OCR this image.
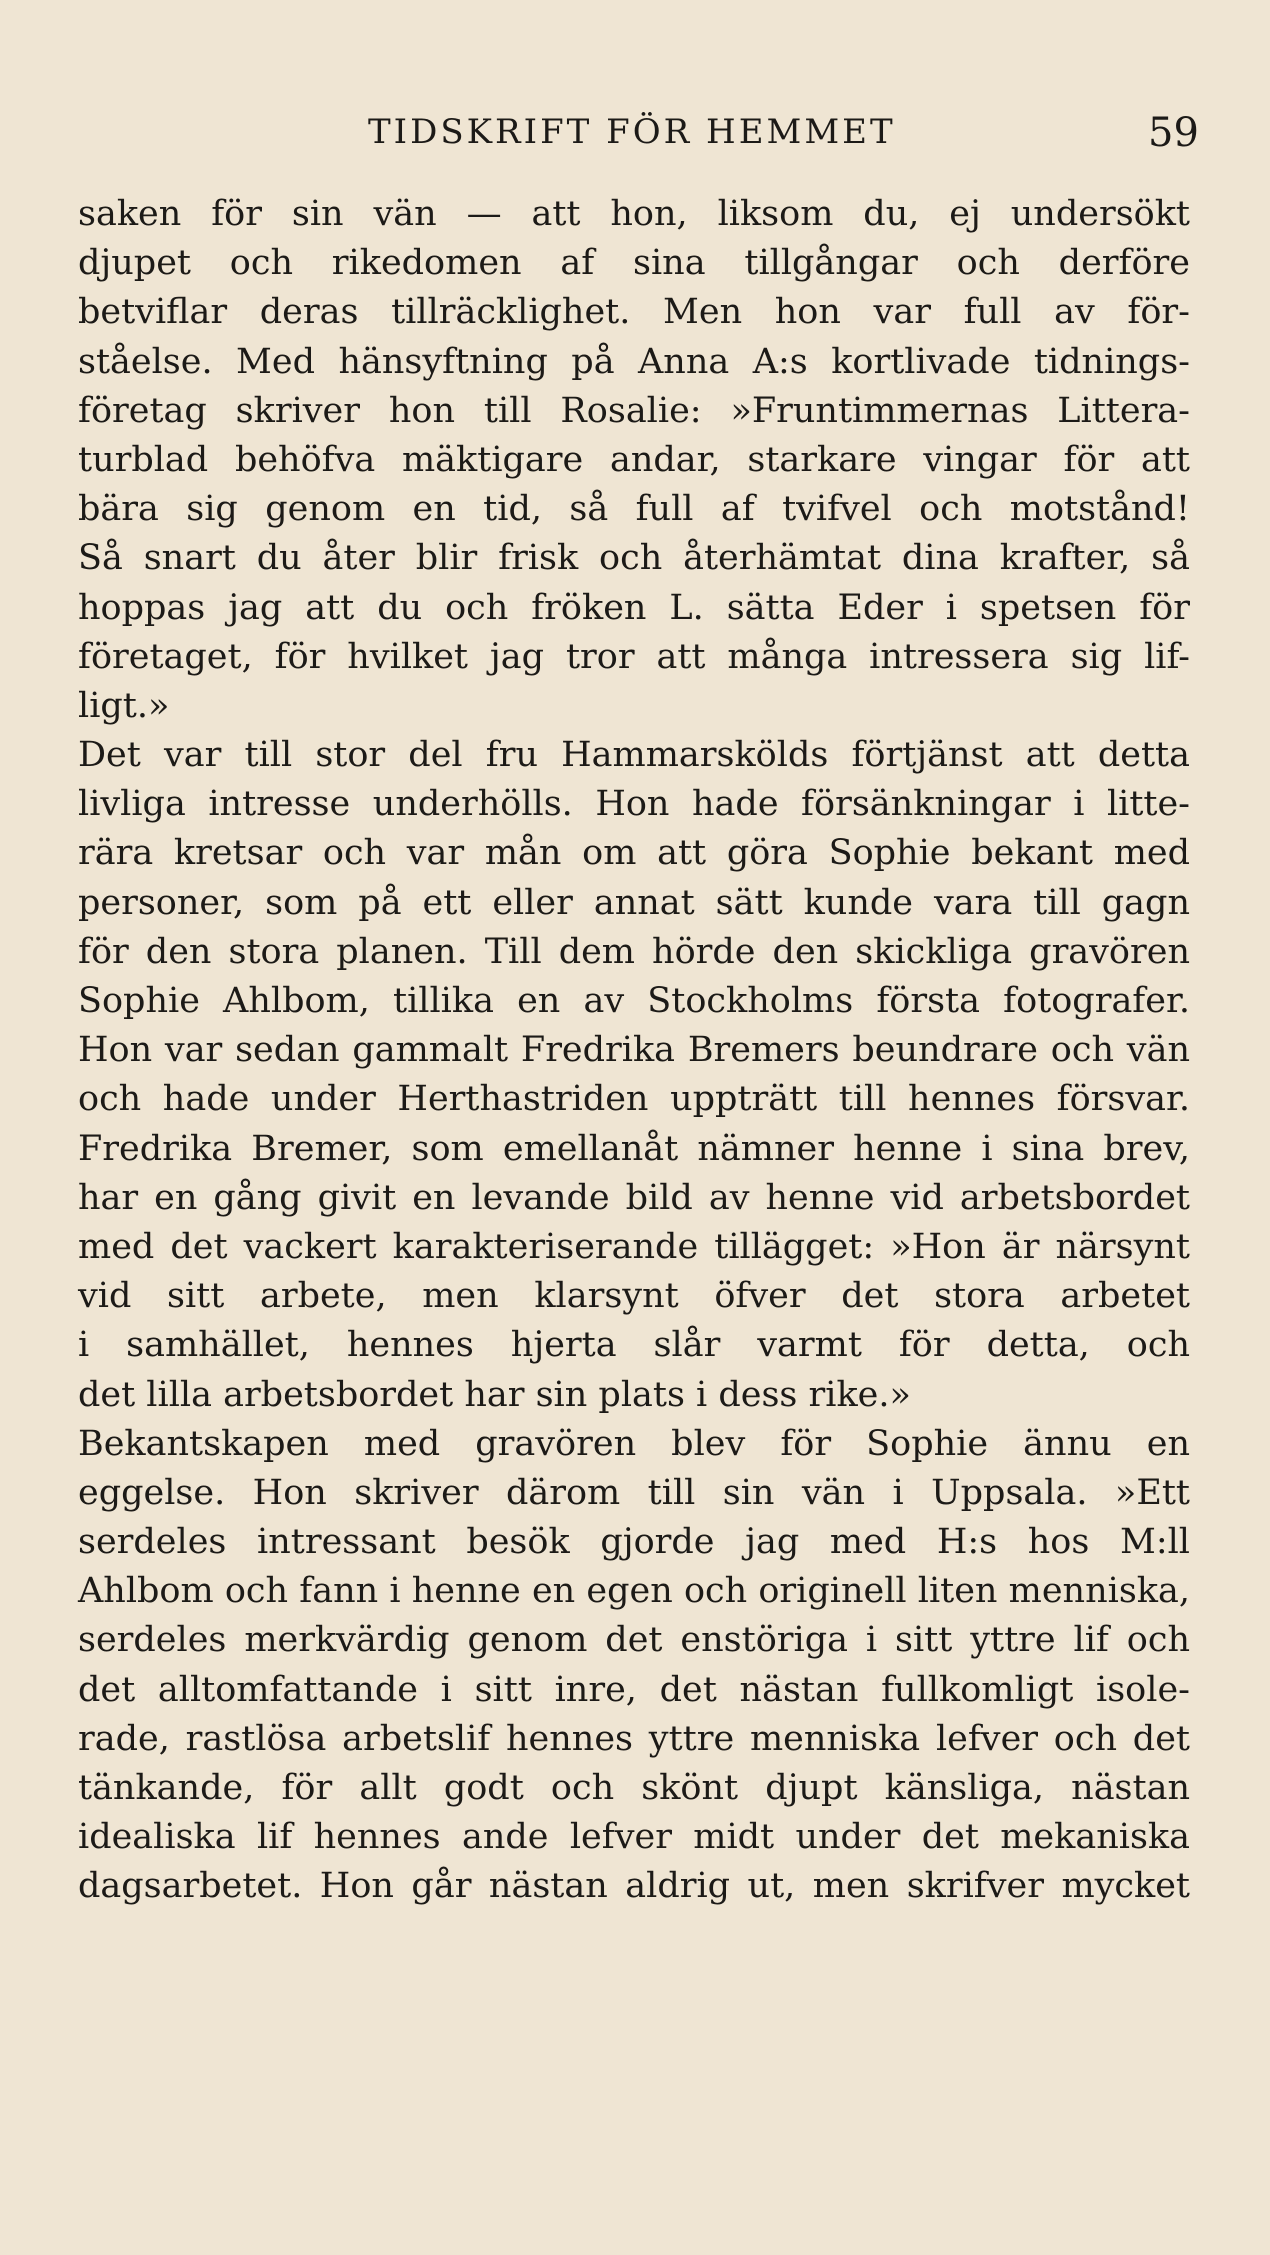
TIDSKRIFT FÖR HEMMET	59
saken för sin vän — att hon, liksom du, ej undersökt
djupet och rikedomen af sina tillgångar och derföre
betviflar deras tillräcklighet. Men hon var full av för-
ståelse. Med hänsyftning på Anna A:s kortlivade tidnings-
företag skriver hon till Rosalie: »Fruntimmernas Littera-
turblad behöfva mäktigare andar, starkare vingar för att
bära sig genom en tid, så full af tvifvel och motstånd!
Så snart du åter blir frisk och återhämtat dina krafter, så
hoppas jag att du och fröken L. sätta Eder i spetsen för
företaget, för hvilket jag tror att många intressera sig lif-
ligt.»
Det var till stor del fru Hammarskölds förtjänst att detta
livliga intresse underhölls. Hon hade försänkningar i litte-
rära kretsar och var mån om att göra Sophie bekant med
personer, som på ett eller annat sätt kunde vara till gagn
för den stora planen. Till dem hörde den skickliga gravören
Sophie Ahlbom, tillika en av Stockholms första fotografer.
Hon var sedan gammalt Fredrika Bremers beundrare och vän
och hade under Herthastriden uppträtt till hennes försvar.
Fredrika Bremer, som emellanåt nämner henne i sina brev,
har en gång givit en levande bild av henne vid arbetsbordet
med det vackert karakteriserande tillägget: »Hon är närsynt
vid sitt arbete, men klarsynt öfver det stora arbetet
i samhället, hennes hjerta slår varmt för detta, och
det lilla arbetsbordet har sin plats i dess rike.»
Bekantskapen med gravören blev för Sophie ännu en
eggelse. Hon skriver därom till sin vän i Uppsala. »Ett
serdeles intressant besök gjorde jag med H:s hos M:ll
Ahlbom och fann i henne en egen och originell liten menniska,
serdeles merkvärdig genom det enstöriga i sitt yttre lif och
det alltomfattande i sitt inre, det nästan fullkomligt isole-
rade, rastlösa arbetslif hennes yttre menniska lefver och det
tänkande, för allt godt och skönt djupt känsliga, nästan
idealiska lif hennes ande lefver midt under det mekaniska
dagsarbetet. Hon går nästan aldrig ut, men skrifver mycket
